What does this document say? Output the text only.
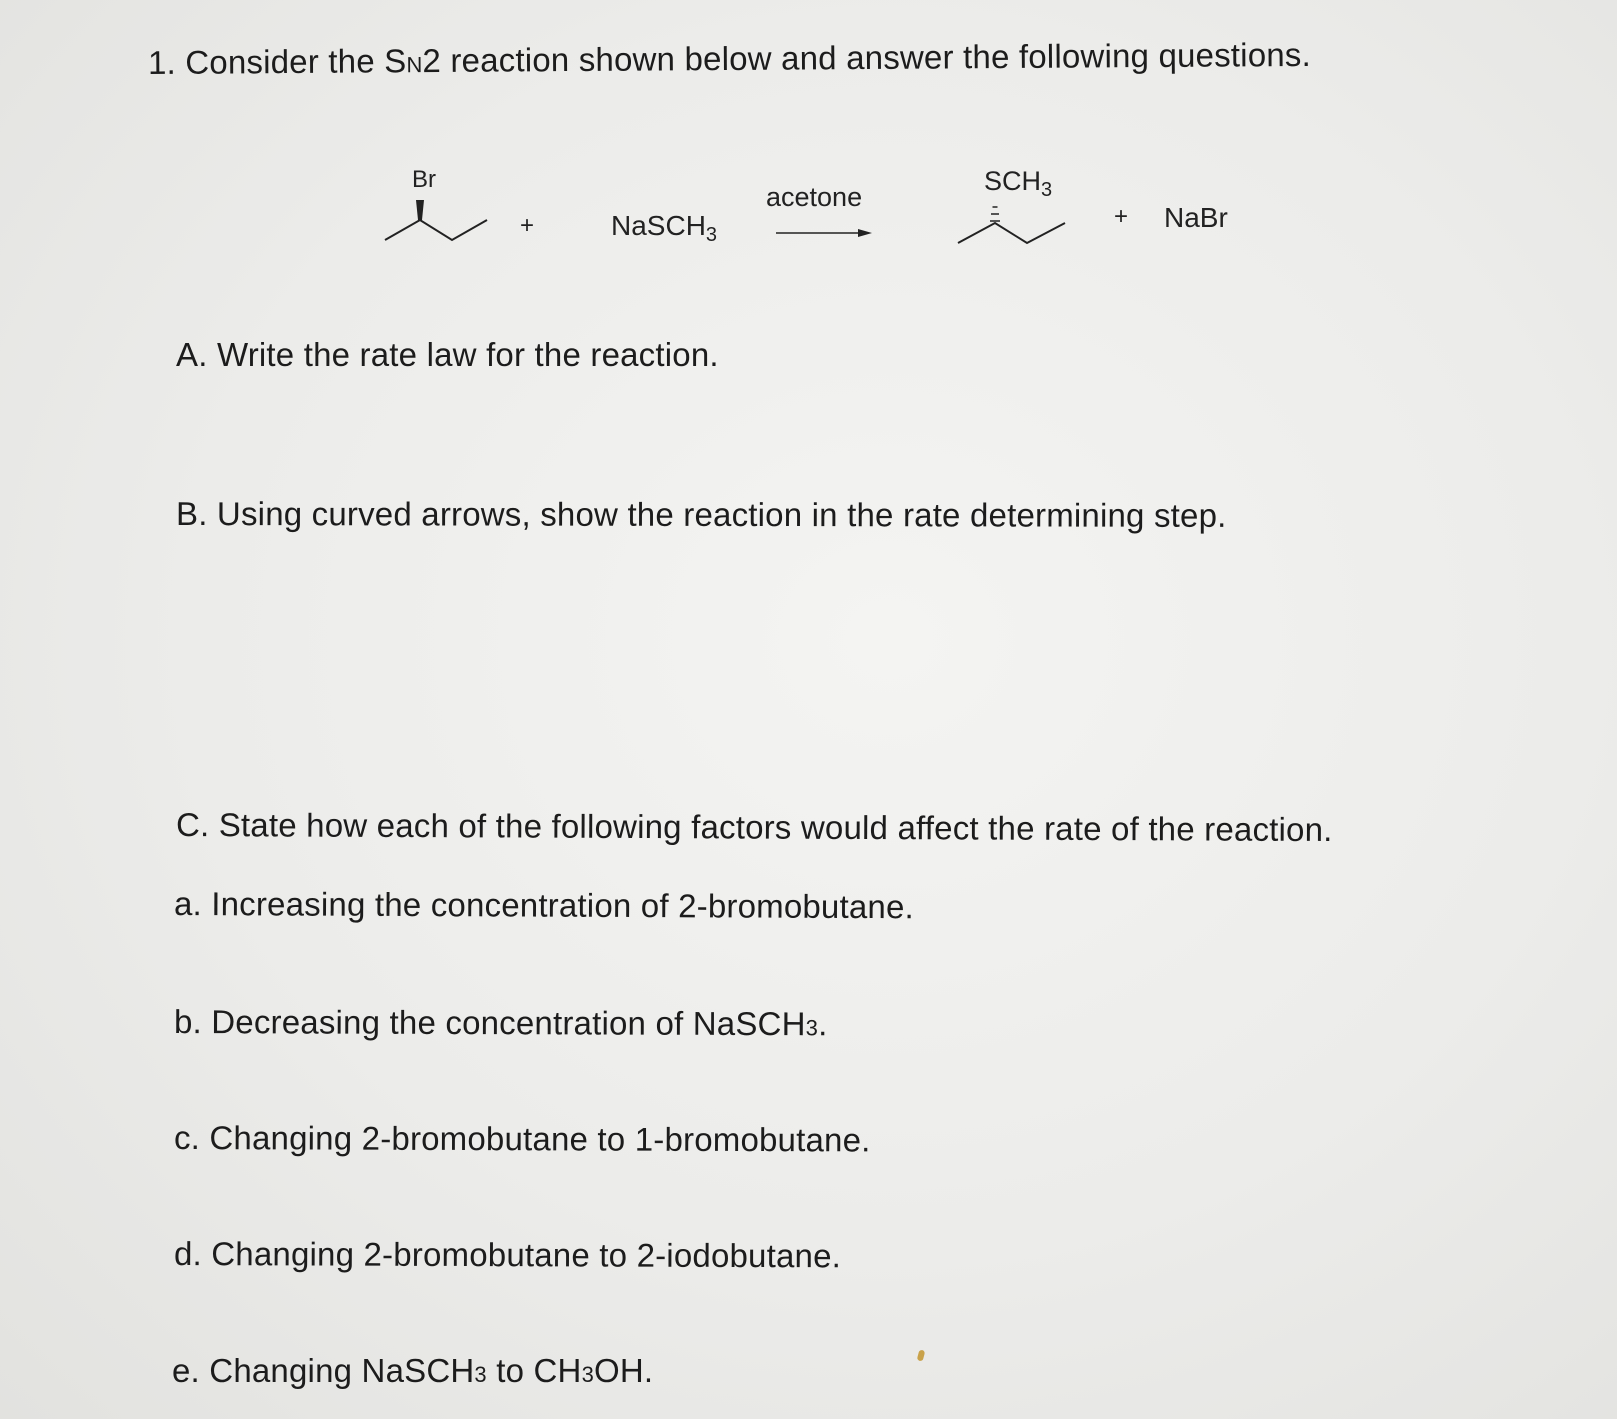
1. Consider the SN2 reaction shown below and answer the following questions.
Br
+	NaSCH$_3$
acetone
$SCH_3$
+ NaBr
A. Write the rate law for the reaction.
B. Using curved arrows, show the reaction in the rate determining step.
C. State how each of the following factors would affect the rate of the reaction.
a. Increasing the concentration of 2-bromobutane.
b. Decreasing the concentration of NaSCH3.
c. Changing 2-bromobutane to 1-bromobutane.
d. Changing 2-bromobutane to 2-iodobutane.
e. Changing NaSCH3 to CH3OH.
